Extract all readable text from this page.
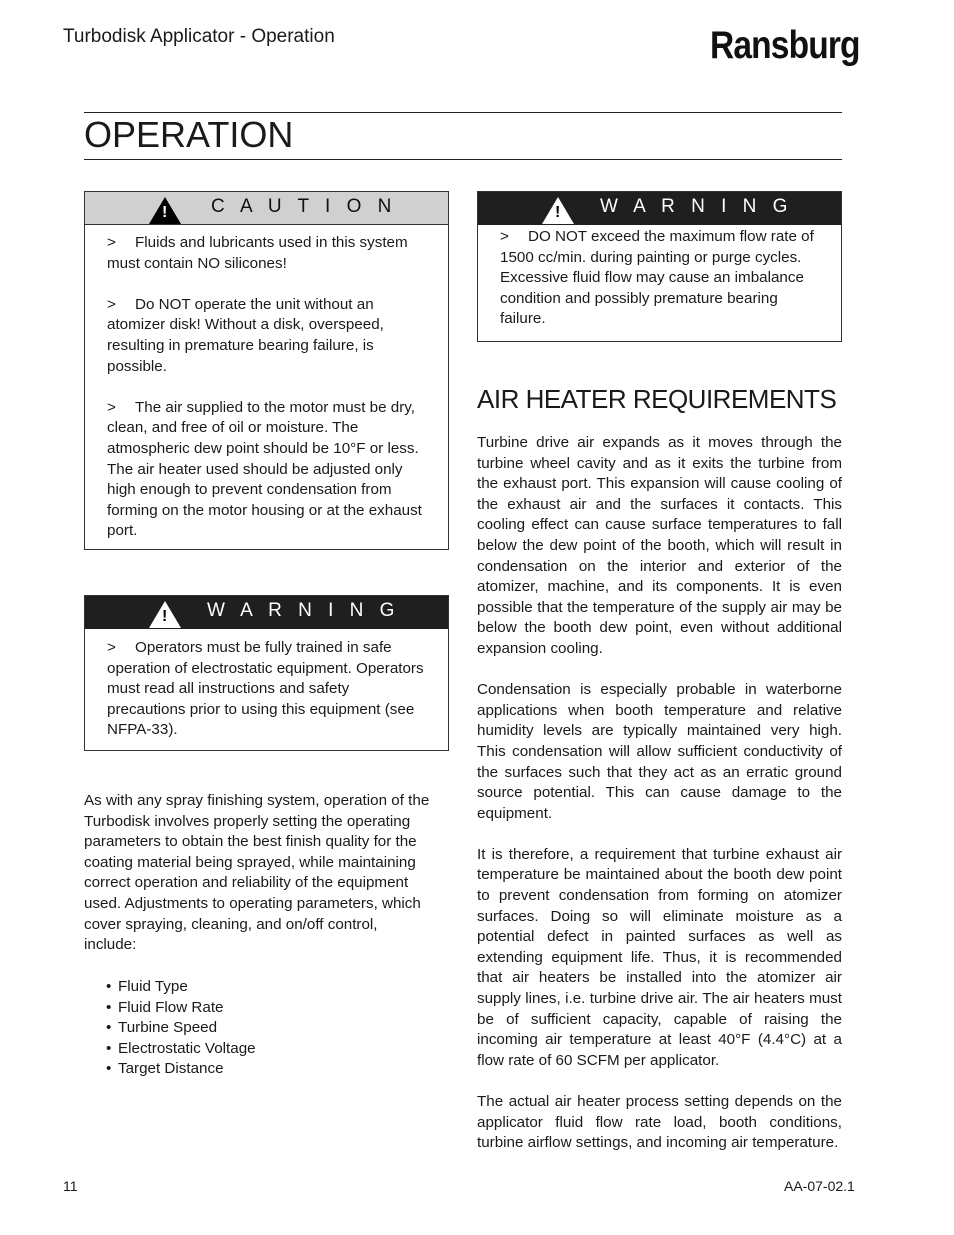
Turbodisk Applicator - Operation	Ransburg
OPERATION
! C A U T I O N

> Fluids and lubricants used in this system must contain NO silicones!

> Do NOT operate the unit without an atomizer disk! Without a disk, overspeed, resulting in premature bearing failure, is possible.

> The air supplied to the motor must be dry, clean, and free of oil or moisture. The atmospheric dew point should be 10°F or less. The air heater used should be adjusted only high enough to prevent condensation from forming on the motor housing or at the exhaust port.

! W A R N I N G

> Operators must be fully trained in safe operation of electrostatic equipment. Operators must read all instructions and safety precautions prior to using this equipment (see NFPA-33).

As with any spray finishing system, operation of the Turbodisk involves properly setting the operating parameters to obtain the best finish quality for the coating material being sprayed, while maintaining correct operation and reliability of the equipment used. Adjustments to operating parameters, which cover spraying, cleaning, and on/off control, include:

• Fluid Type
• Fluid Flow Rate
• Turbine Speed
• Electrostatic Voltage
• Target Distance
! W A R N I N G

> DO NOT exceed the maximum flow rate of 1500 cc/min. during painting or purge cycles. Excessive fluid flow may cause an imbalance condition and possibly premature bearing failure.

AIR HEATER REQUIREMENTS

Turbine drive air expands as it moves through the turbine wheel cavity and as it exits the turbine from the exhaust port. This expansion will cause cooling of the exhaust air and the surfaces it contacts. This cooling effect can cause surface temperatures to fall below the dew point of the booth, which will result in condensation on the interior and exterior of the atomizer, machine, and its components. It is even possible that the temperature of the supply air may be below the booth dew point, even without additional expansion cooling.

Condensation is especially probable in waterborne applications when booth temperature and relative humidity levels are typically maintained very high. This condensation will allow sufficient conductivity of the surfaces such that they act as an erratic ground source potential. This can cause damage to the equipment.

It is therefore, a requirement that turbine exhaust air temperature be maintained about the booth dew point to prevent condensation from forming on atomizer surfaces. Doing so will eliminate moisture as a potential defect in painted surfaces as well as extending equipment life. Thus, it is recommended that air heaters be installed into the atomizer air supply lines, i.e. turbine drive air. The air heaters must be of sufficient capacity, capable of raising the incoming air temperature at least 40°F (4.4°C) at a flow rate of 60 SCFM per applicator.

The actual air heater process setting depends on the applicator fluid flow rate load, booth conditions, turbine airflow settings, and incoming air temperature.

11	AA-07-02.1
